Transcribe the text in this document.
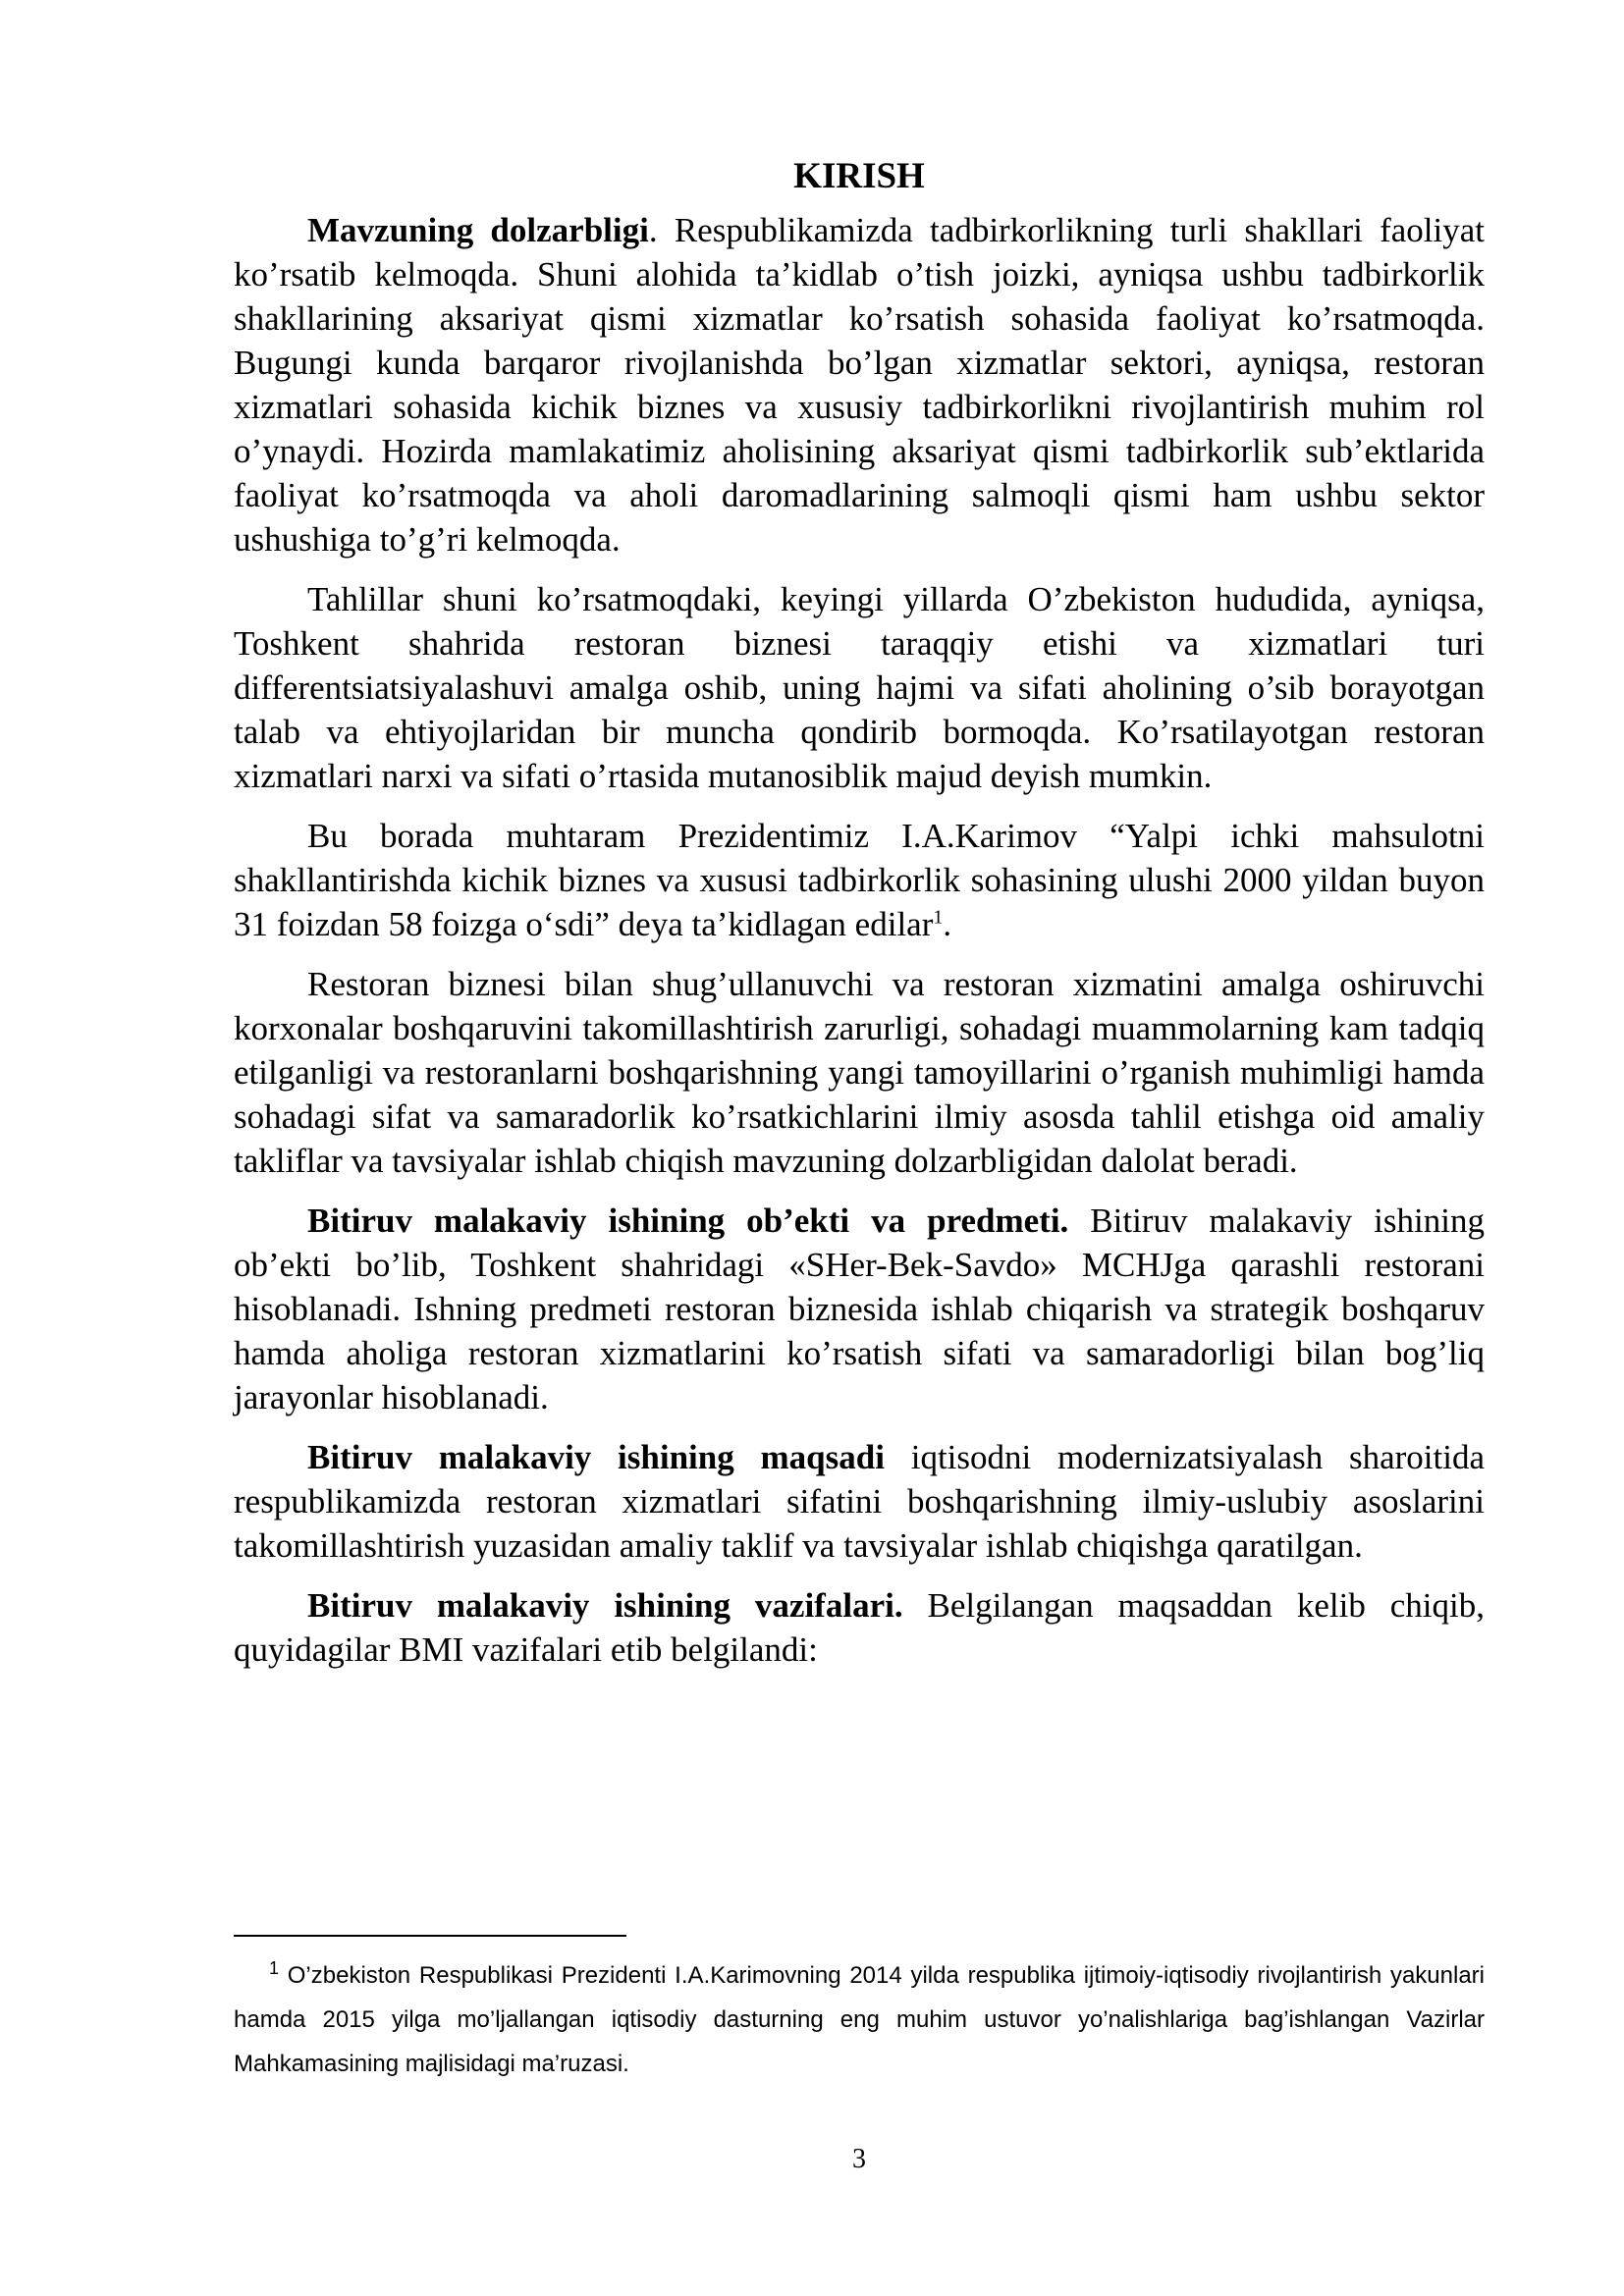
KIRISH

Mavzuning dolzarbligi. Respublikamizda tadbirkorlikning turli shakllari faoliyat ko’rsatib kelmoqda. Shuni alohida ta’kidlab o’tish joizki, ayniqsa ushbu tadbirkorlik shakllarining aksariyat qismi xizmatlar ko’rsatish sohasida faoliyat ko’rsatmoqda. Bugungi kunda barqaror rivojlanishda bo’lgan xizmatlar sektori, ayniqsa, restoran xizmatlari sohasida kichik biznes va xususiy tadbirkorlikni rivojlantirish muhim rol o’ynaydi. Hozirda mamlakatimiz aholisining aksariyat qismi tadbirkorlik sub’ektlarida faoliyat ko’rsatmoqda va aholi daromadlarining salmoqli qismi ham ushbu sektor ushushiga to’g’ri kelmoqda.

Tahlillar shuni ko’rsatmoqdaki, keyingi yillarda O’zbekiston hududida, ayniqsa, Toshkent shahrida restoran biznesi taraqqiy etishi va xizmatlari turi differentsiatsiyalashuvi amalga oshib, uning hajmi va sifati aholining o’sib borayotgan talab va ehtiyojlaridan bir muncha qondirib bormoqda. Ko’rsatilayotgan restoran xizmatlari narxi va sifati o’rtasida mutanosiblik majud deyish mumkin.

Bu borada muhtaram Prezidentimiz I.A.Karimov “Yalpi ichki mahsulotni shakllantirishda kichik biznes va xususi tadbirkorlik sohasining ulushi 2000 yildan buyon 31 foizdan 58 foizga o‘sdi” deya ta’kidlagan edilar$^1$.

Restoran biznesi bilan shug’ullanuvchi va restoran xizmatini amalga oshiruvchi korxonalar boshqaruvini takomillashtirish zarurligi, sohadagi muammolarning kam tadqiq etilganligi va restoranlarni boshqarishning yangi tamoyillarini o’rganish muhimligi hamda sohadagi sifat va samaradorlik ko’rsatkichlarini ilmiy asosda tahlil etishga oid amaliy takliflar va tavsiyalar ishlab chiqish mavzuning dolzarbligidan dalolat beradi.

Bitiruv malakaviy ishining ob’ekti va predmeti. Bitiruv malakaviy ishining ob’ekti bo’lib, Toshkent shahridagi «SHer-Bek-Savdo» MCHJga qarashli restorani hisoblanadi. Ishning predmeti restoran biznesida ishlab chiqarish va strategik boshqaruv hamda aholiga restoran xizmatlarini ko’rsatish sifati va samaradorligi bilan bog’liq jarayonlar hisoblanadi.

Bitiruv malakaviy ishining maqsadi iqtisodni modernizatsiyalash sharoitida respublikamizda restoran xizmatlari sifatini boshqarishning ilmiy-uslubiy asoslarini takomillashtirish yuzasidan amaliy taklif va tavsiyalar ishlab chiqishga qaratilgan.

Bitiruv malakaviy ishining vazifalari. Belgilangan maqsaddan kelib chiqib, quyidagilar BMI vazifalari etib belgilandi:

$^1$ O’zbekiston Respublikasi Prezidenti I.A.Karimovning 2014 yilda respublika ijtimoiy-iqtisodiy rivojlantirish yakunlari hamda 2015 yilga mo’ljallangan iqtisodiy dasturning eng muhim ustuvor yo’nalishlariga bag’ishlangan Vazirlar Mahkamasining majlisidagi ma’ruzasi.

3
